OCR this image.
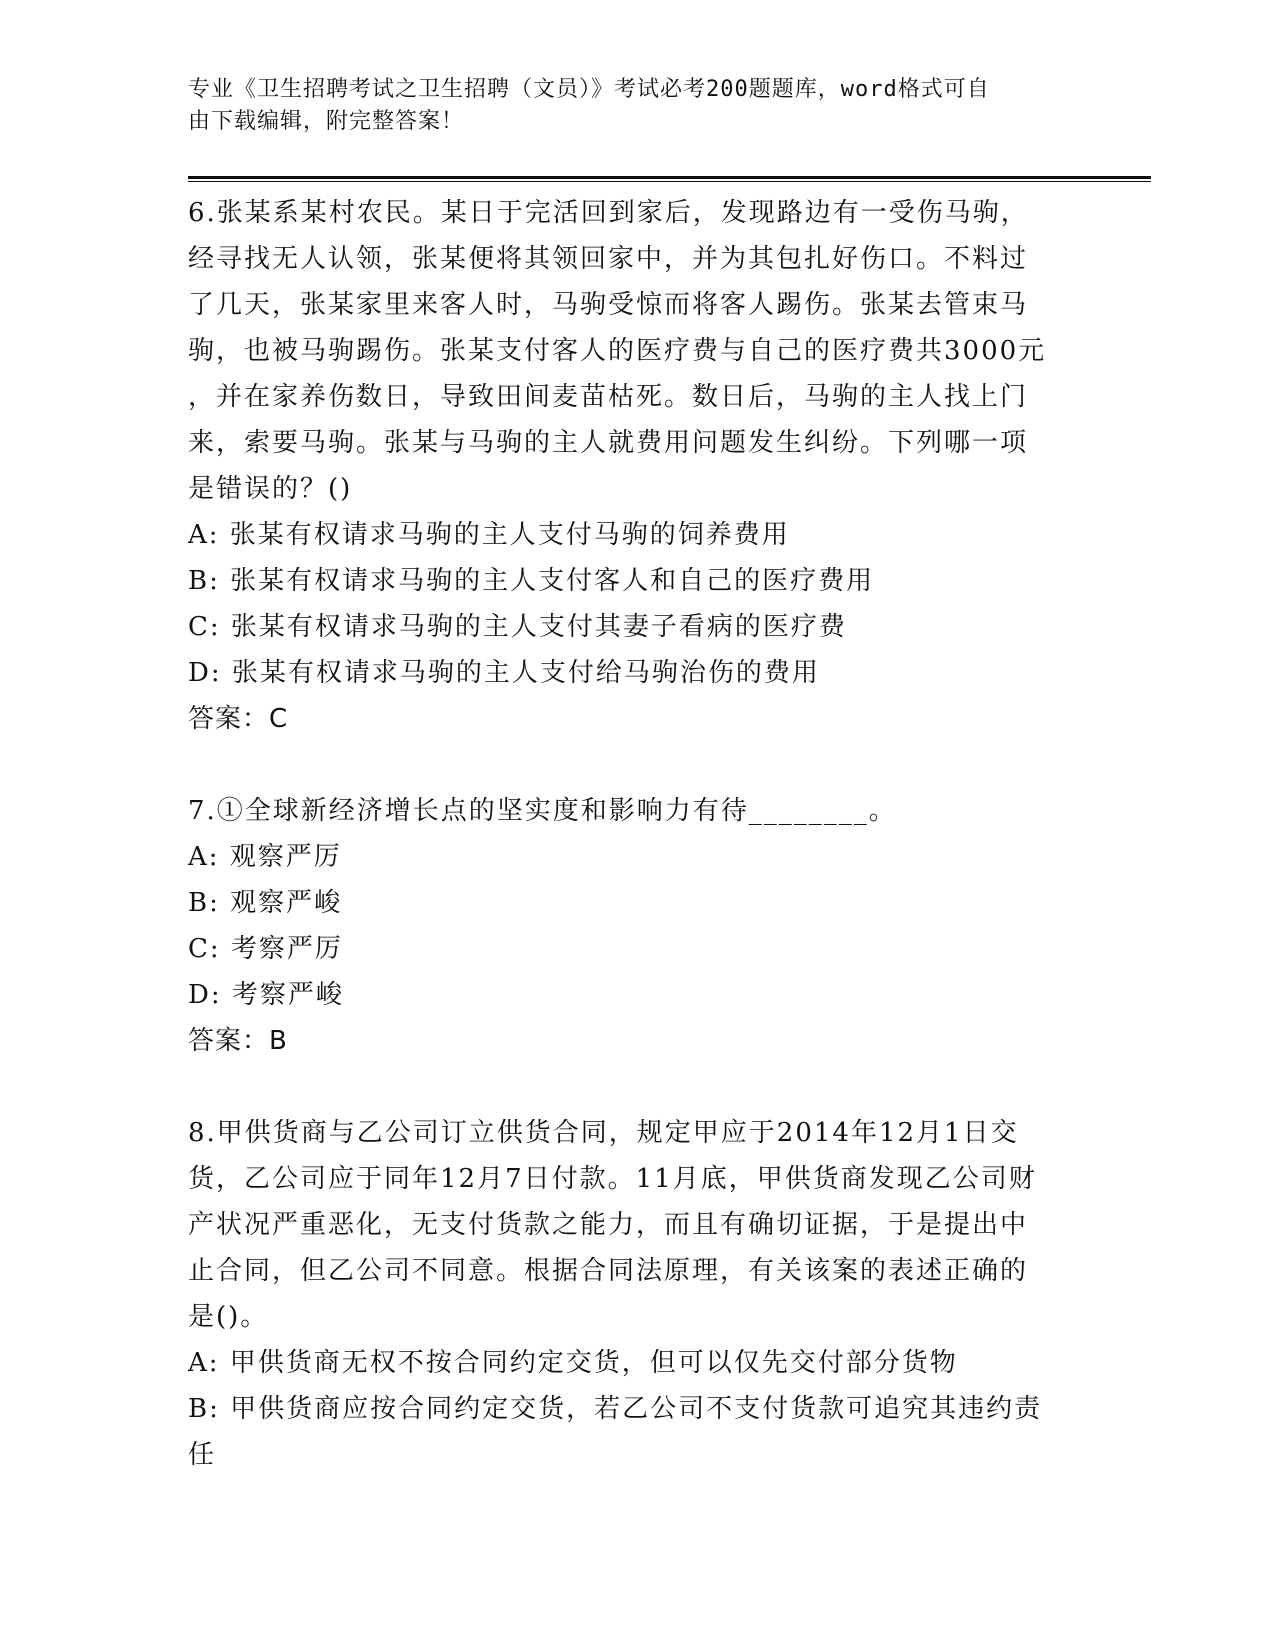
专业《卫生招聘考试之卫生招聘（文员）》考试必考200题题库，word格式可自
由下载编辑，附完整答案！
6.张某系某村农民。某日于完活回到家后，发现路边有一受伤马驹，
经寻找无人认领，张某便将其领回家中，并为其包扎好伤口。不料过
了几天，张某家里来客人时，马驹受惊而将客人踢伤。张某去管束马
驹，也被马驹踢伤。张某支付客人的医疗费与自己的医疗费共3000元
，并在家养伤数日，导致田间麦苗枯死。数日后，马驹的主人找上门
来，索要马驹。张某与马驹的主人就费用问题发生纠纷。下列哪一项
是错误的？()
A: 张某有权请求马驹的主人支付马驹的饲养费用
B: 张某有权请求马驹的主人支付客人和自己的医疗费用
C: 张某有权请求马驹的主人支付其妻子看病的医疗费
D: 张某有权请求马驹的主人支付给马驹治伤的费用
答案：C
7.①全球新经济增长点的坚实度和影响力有待________。
A: 观察严厉
B: 观察严峻
C: 考察严厉
D: 考察严峻
答案：B
8.甲供货商与乙公司订立供货合同，规定甲应于2014年12月1日交
货，乙公司应于同年12月7日付款。11月底，甲供货商发现乙公司财
产状况严重恶化，无支付货款之能力，而且有确切证据，于是提出中
止合同，但乙公司不同意。根据合同法原理，有关该案的表述正确的
是()。
A: 甲供货商无权不按合同约定交货，但可以仅先交付部分货物
B: 甲供货商应按合同约定交货，若乙公司不支付货款可追究其违约责
任
